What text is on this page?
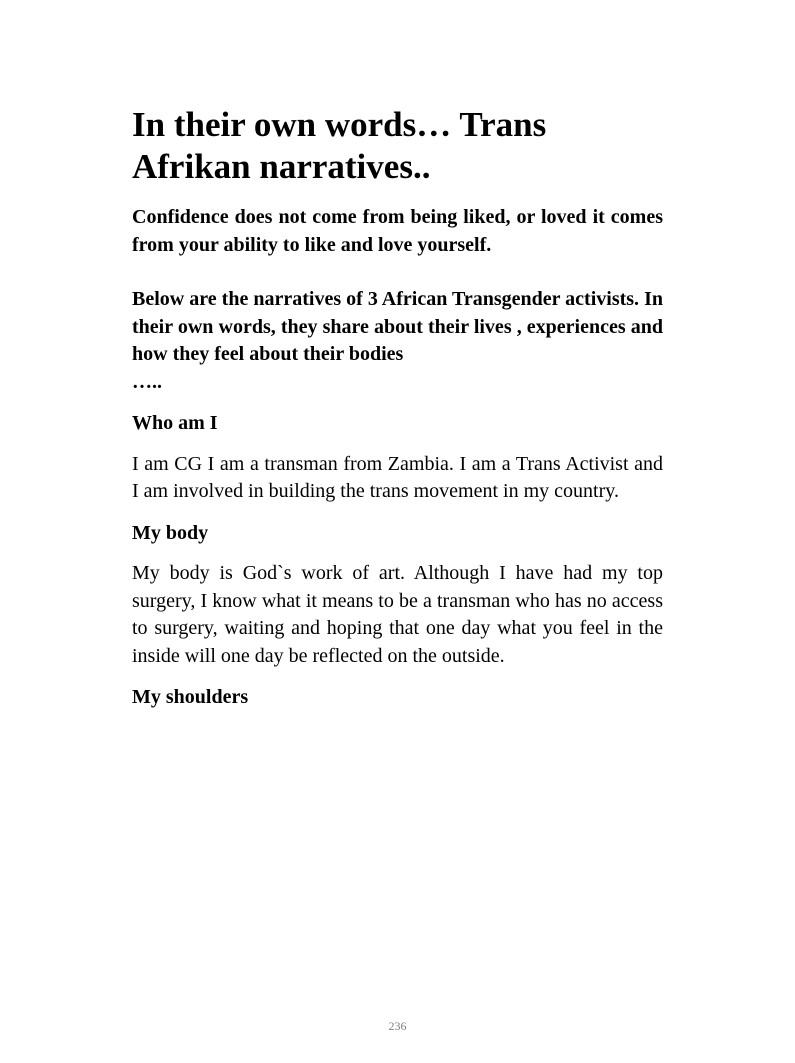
In their own words… Trans Afrikan narratives..

Confidence does not come from being liked, or loved it comes from your ability to like and love yourself.

Below are the narratives of 3 African Transgender activists. In their own words, they share about their lives , experiences and how they feel about their bodies

…..

Who am I

I am CG I am a transman from Zambia. I am a Trans Activist and I am involved in building the trans movement in my country.

My body

My body is God`s work of art. Although I have had my top surgery, I know what it means to be a transman who has no access to surgery, waiting and hoping that one day what you feel in the inside will one day be reflected on the outside.

My shoulders
236
